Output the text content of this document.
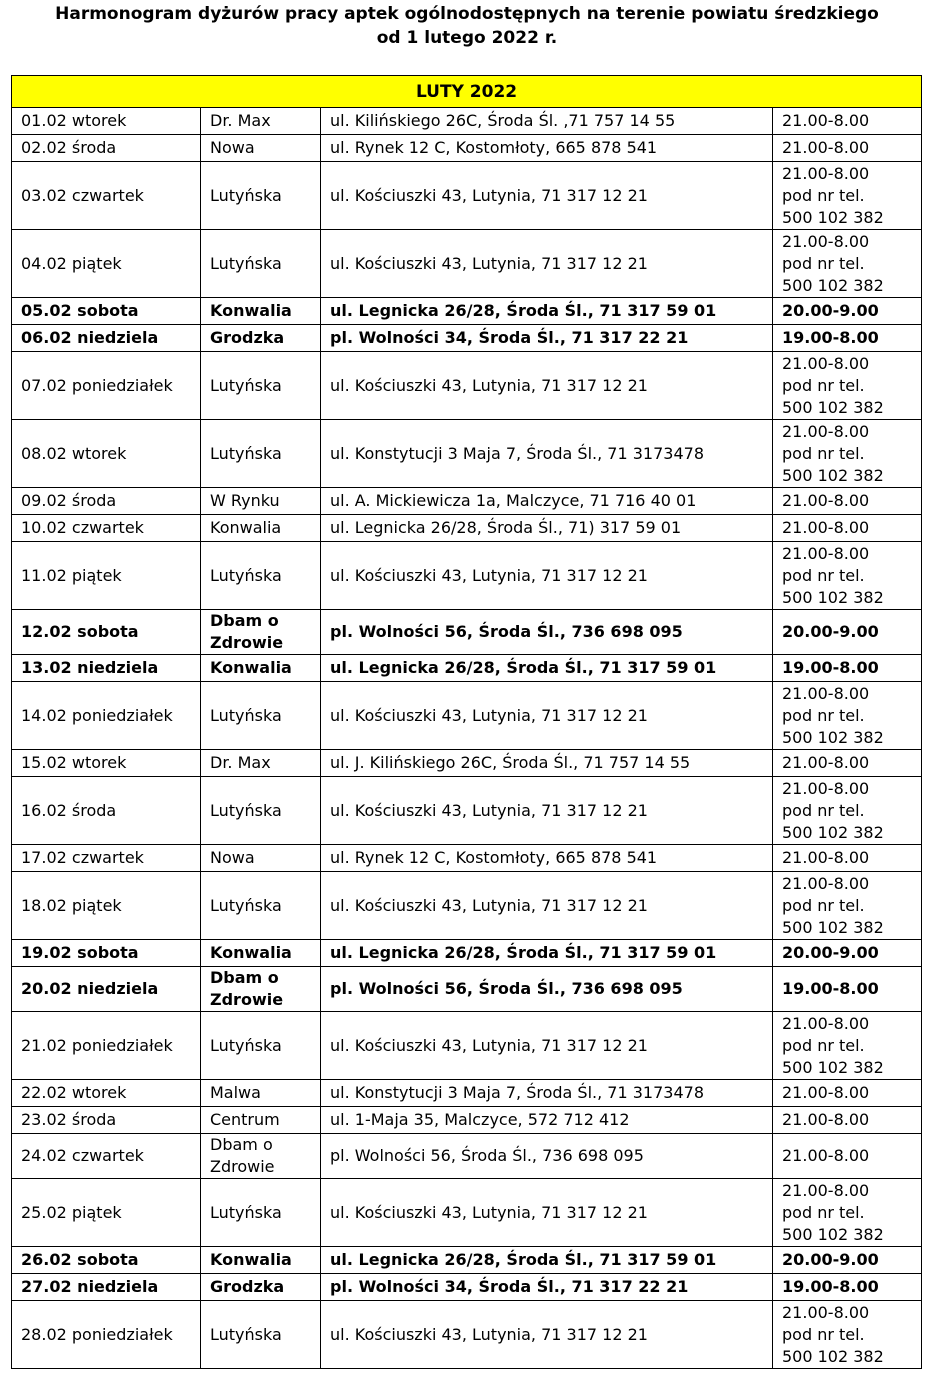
Harmonogram dyżurów pracy aptek ogólnodostępnych na terenie powiatu średzkiego
od 1 lutego 2022 r.
LUTY 2022			
01.02 wtorek	Dr. Max	ul. Kilińskiego 26C, Środa Śl. ,71 757 14 55	21.00-8.00

02.02 środa	Nowa	ul. Rynek 12 C, Kostomłoty, 665 878 541	21.00-8.00

03.02 czwartek	Lutyńska	ul. Kościuszki 43, Lutynia, 71 317 12 21	21.00-8.00
pod nr tel.
500 102 382

04.02 piątek	Lutyńska	ul. Kościuszki 43, Lutynia, 71 317 12 21	21.00-8.00
pod nr tel.
500 102 382

05.02 sobota	Konwalia	ul. Legnicka 26/28, Środa Śl., 71 317 59 01	20.00-9.00

06.02 niedziela	Grodzka	pl. Wolności 34, Środa Śl., 71 317 22 21	19.00-8.00

07.02 poniedziałek	Lutyńska	ul. Kościuszki 43, Lutynia, 71 317 12 21	21.00-8.00
pod nr tel.
500 102 382

08.02 wtorek	Lutyńska	ul. Konstytucji 3 Maja 7, Środa Śl., 71 3173478	21.00-8.00
pod nr tel.
500 102 382

09.02 środa	W Rynku	ul. A. Mickiewicza 1a, Malczyce, 71 716 40 01	21.00-8.00

10.02 czwartek	Konwalia	ul. Legnicka 26/28, Środa Śl., 71) 317 59 01	21.00-8.00

11.02 piątek	Lutyńska	ul. Kościuszki 43, Lutynia, 71 317 12 21	21.00-8.00
pod nr tel.
500 102 382

12.02 sobota	Dbam o
Zdrowie	pl. Wolności 56, Środa Śl., 736 698 095	20.00-9.00

13.02 niedziela	Konwalia	ul. Legnicka 26/28, Środa Śl., 71 317 59 01	19.00-8.00

14.02 poniedziałek	Lutyńska	ul. Kościuszki 43, Lutynia, 71 317 12 21	21.00-8.00
pod nr tel.
500 102 382

15.02 wtorek	Dr. Max	ul. J. Kilińskiego 26C, Środa Śl., 71 757 14 55	21.00-8.00

16.02 środa	Lutyńska	ul. Kościuszki 43, Lutynia, 71 317 12 21	21.00-8.00
pod nr tel.
500 102 382

17.02 czwartek	Nowa	ul. Rynek 12 C, Kostomłoty, 665 878 541	21.00-8.00

18.02 piątek	Lutyńska	ul. Kościuszki 43, Lutynia, 71 317 12 21	21.00-8.00
pod nr tel.
500 102 382

19.02 sobota	Konwalia	ul. Legnicka 26/28, Środa Śl., 71 317 59 01	20.00-9.00

20.02 niedziela	Dbam o
Zdrowie	pl. Wolności 56, Środa Śl., 736 698 095	19.00-8.00

21.02 poniedziałek	Lutyńska	ul. Kościuszki 43, Lutynia, 71 317 12 21	21.00-8.00
pod nr tel.
500 102 382

22.02 wtorek	Malwa	ul. Konstytucji 3 Maja 7, Środa Śl., 71 3173478	21.00-8.00

23.02 środa	Centrum	ul. 1-Maja 35, Malczyce, 572 712 412	21.00-8.00

24.02 czwartek	Dbam o
Zdrowie	pl. Wolności 56, Środa Śl., 736 698 095	21.00-8.00

25.02 piątek	Lutyńska	ul. Kościuszki 43, Lutynia, 71 317 12 21	21.00-8.00
pod nr tel.
500 102 382

26.02 sobota	Konwalia	ul. Legnicka 26/28, Środa Śl., 71 317 59 01	20.00-9.00

27.02 niedziela	Grodzka	pl. Wolności 34, Środa Śl., 71 317 22 21	19.00-8.00

28.02 poniedziałek	Lutyńska	ul. Kościuszki 43, Lutynia, 71 317 12 21	21.00-8.00
pod nr tel.
500 102 382
